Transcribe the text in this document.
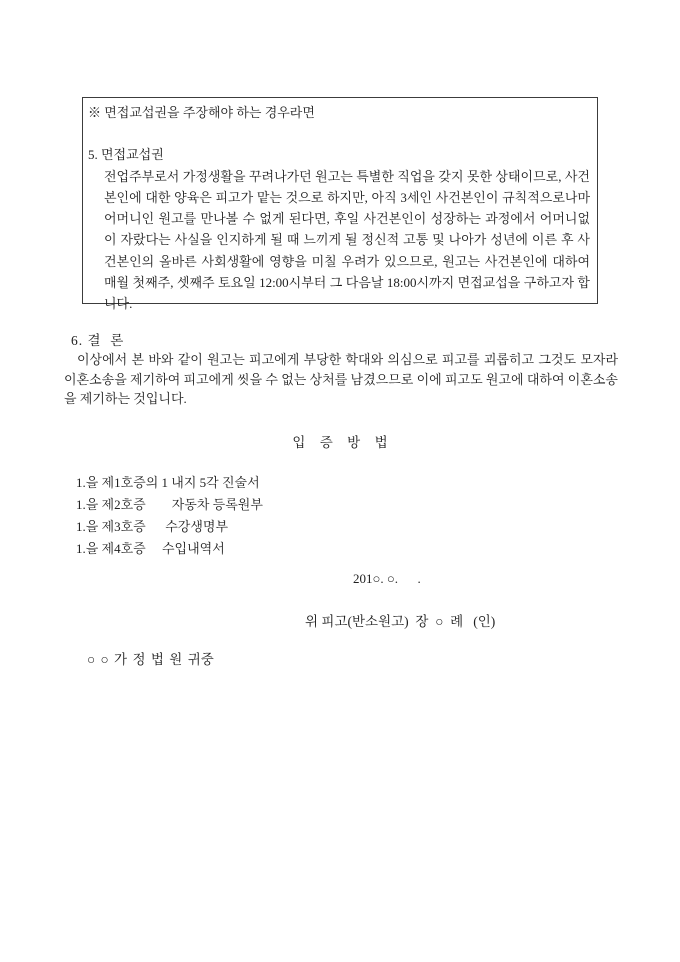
※ 면접교섭권을 주장해야 하는 경우라면
5. 면접교섭권
전업주부로서 가정생활을 꾸려나가던 원고는 특별한 직업을 갖지 못한 상태이므로, 사건본인에 대한 양육은 피고가 맡는 것으로 하지만, 아직 3세인 사건본인이 규칙적으로나마 어머니인 원고를 만나볼 수 없게 된다면, 후일 사건본인이 성장하는 과정에서 어머니없이 자랐다는 사실을 인지하게 될 때 느끼게 될 정신적 고통 및 나아가 성년에 이른 후 사건본인의 올바른 사회생활에 영향을 미칠 우려가 있으므로, 원고는 사건본인에 대하여 매월 첫째주, 셋째주 토요일 12:00시부터 그 다음날 18:00시까지 면접교섭을 구하고자 합니다.
6. 결  론
이상에서 본 바와 같이 원고는 피고에게 부당한 학대와 의심으로 피고를 괴롭히고 그것도 모자라 이혼소송을 제기하여 피고에게 씻을 수 없는 상처를 남겼으므로 이에 피고도 원고에 대하여 이혼소송을 제기하는 것입니다.
입 증 방 법
1.을 제1호증의 1 내지 5각 진술서
1.을 제2호증        자동차 등록원부
1.을 제3호증      수강생명부
1.을 제4호증     수입내역서
201○. ○.      .
위 피고(반소원고)  장  ○  례   (인)
○ ○ 가 정 법 원 귀중
